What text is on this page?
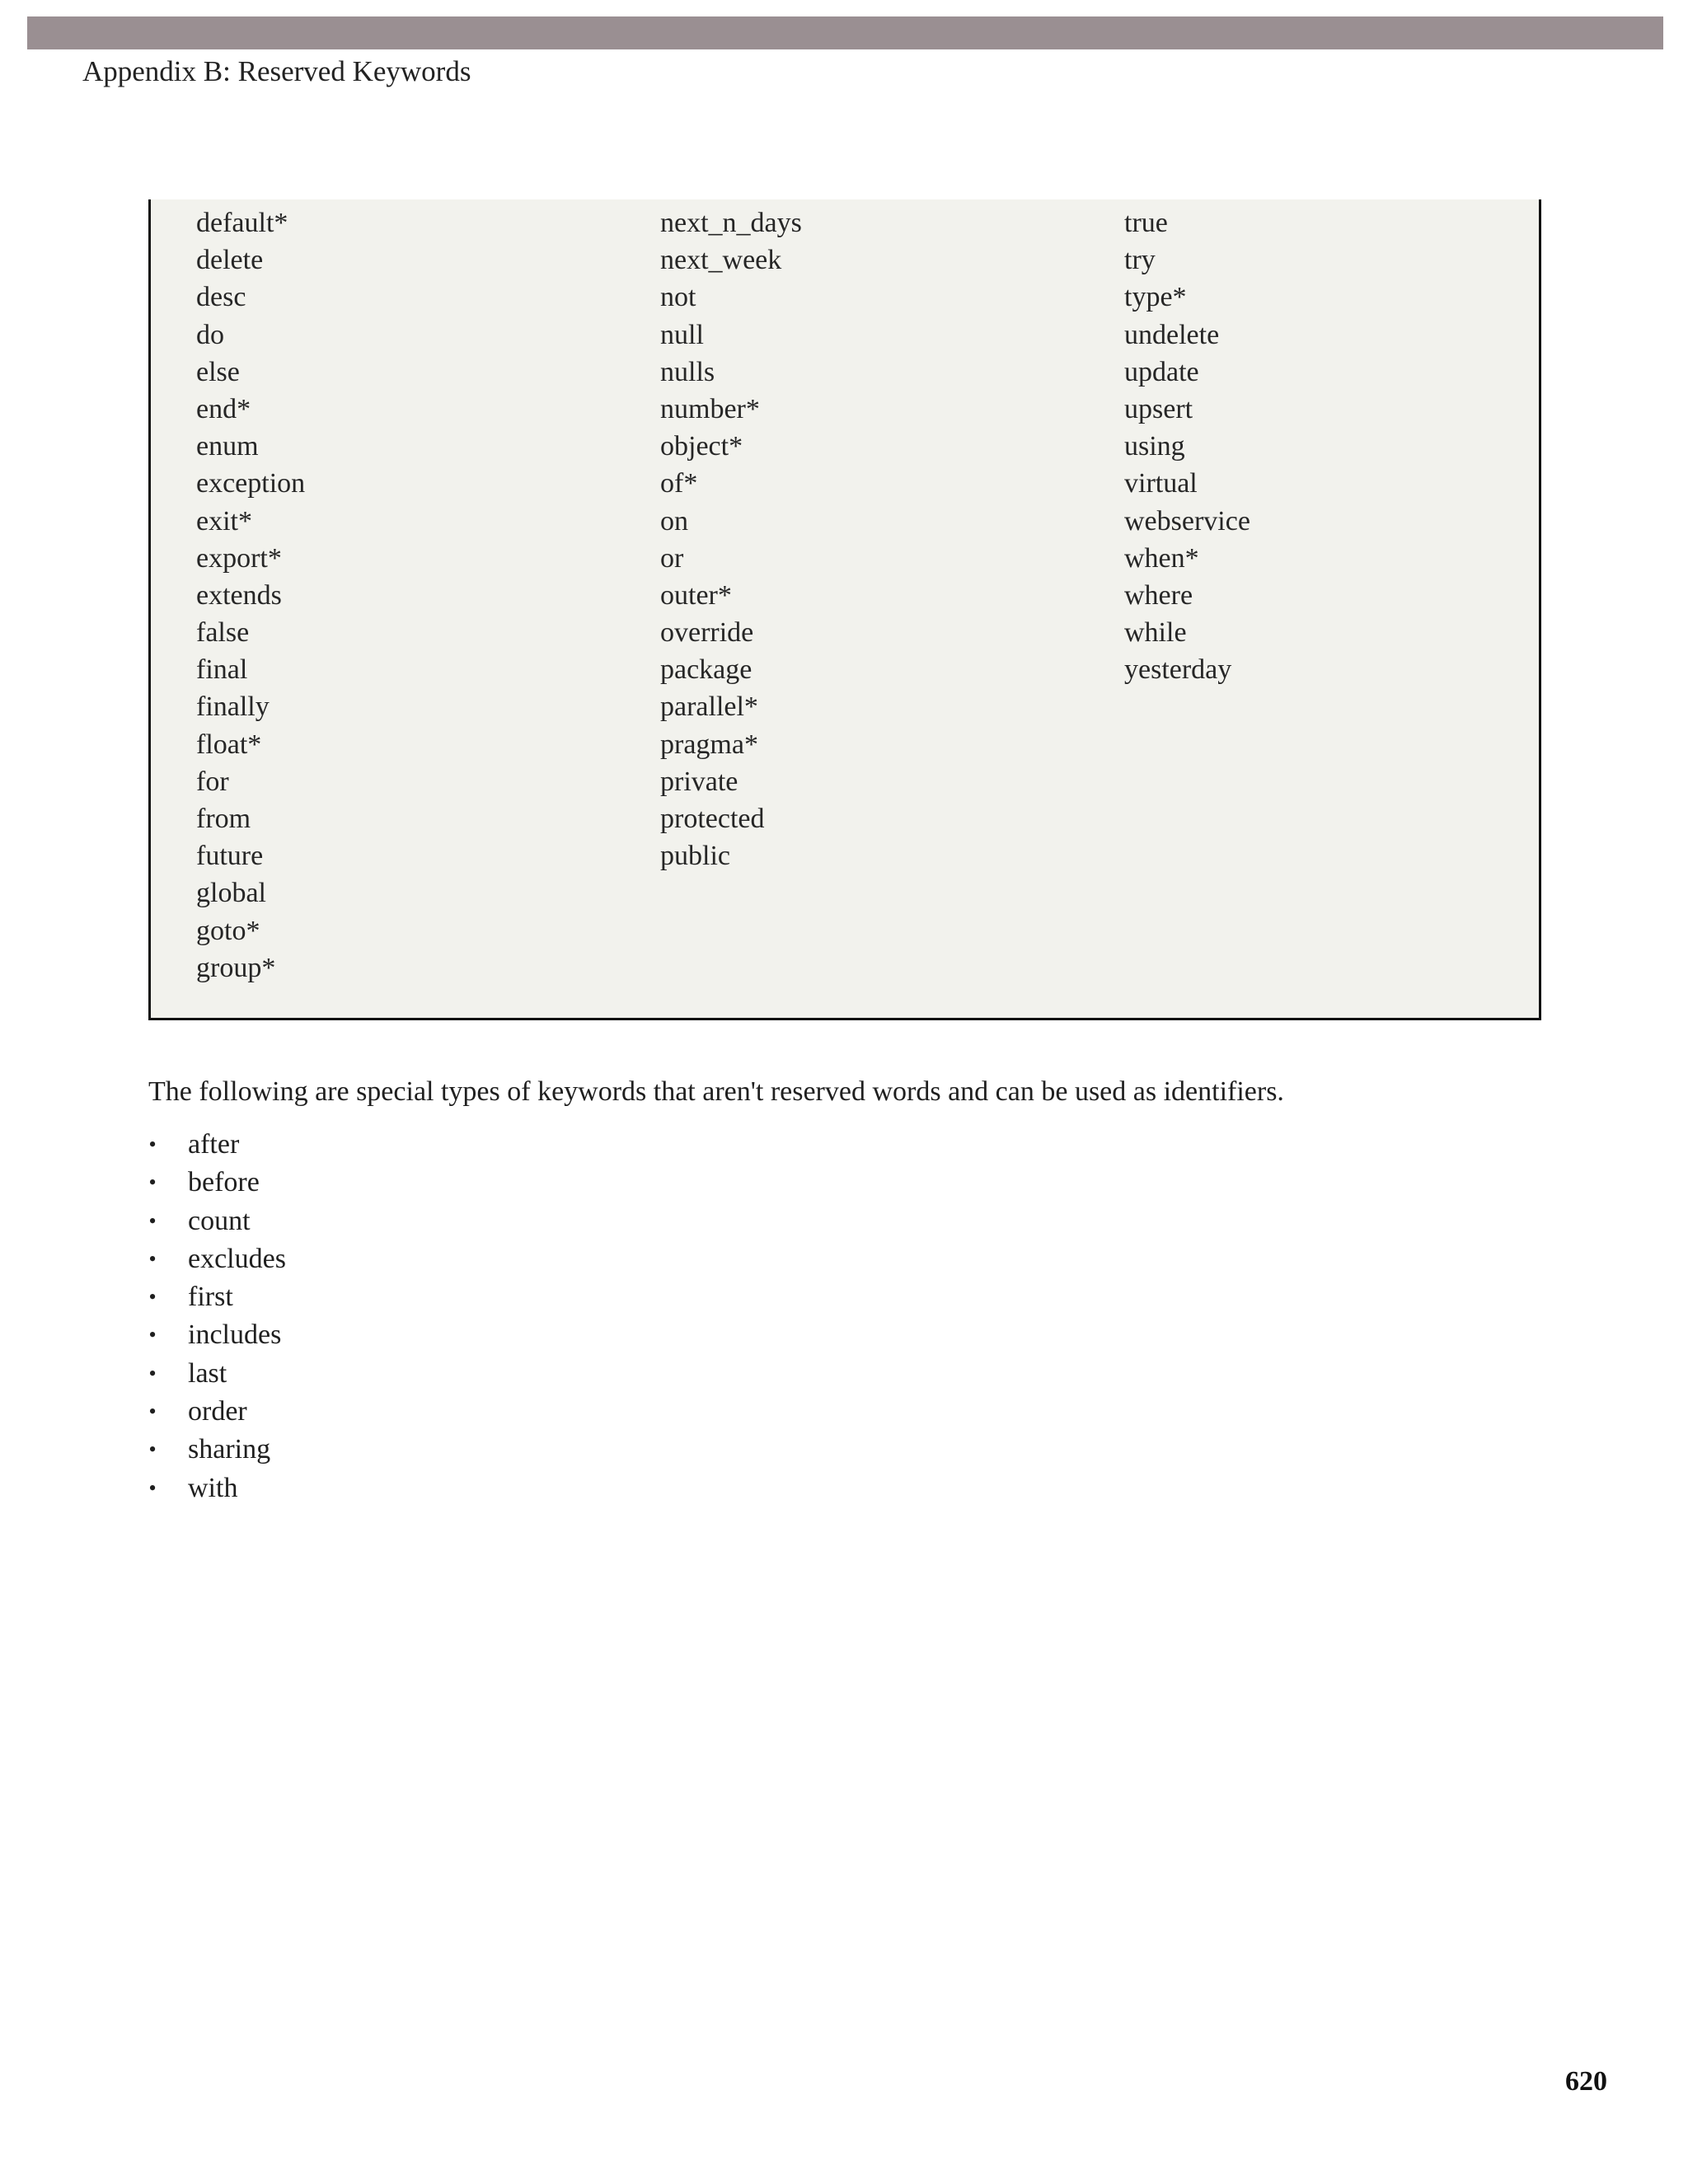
Appendix B: Reserved Keywords
default*
delete
desc
do
else
end*
enum
exception
exit*
export*
extends
false
final
finally
float*
for
from
future
global
goto*
group*
next_n_days
next_week
not
null
nulls
number*
object*
of*
on
or
outer*
override
package
parallel*
pragma*
private
protected
public
true
try
type*
undelete
update
upsert
using
virtual
webservice
when*
where
while
yesterday
The following are special types of keywords that aren't reserved words and can be used as identifiers.
• after
• before
• count
• excludes
• first
• includes
• last
• order
• sharing
• with
620
